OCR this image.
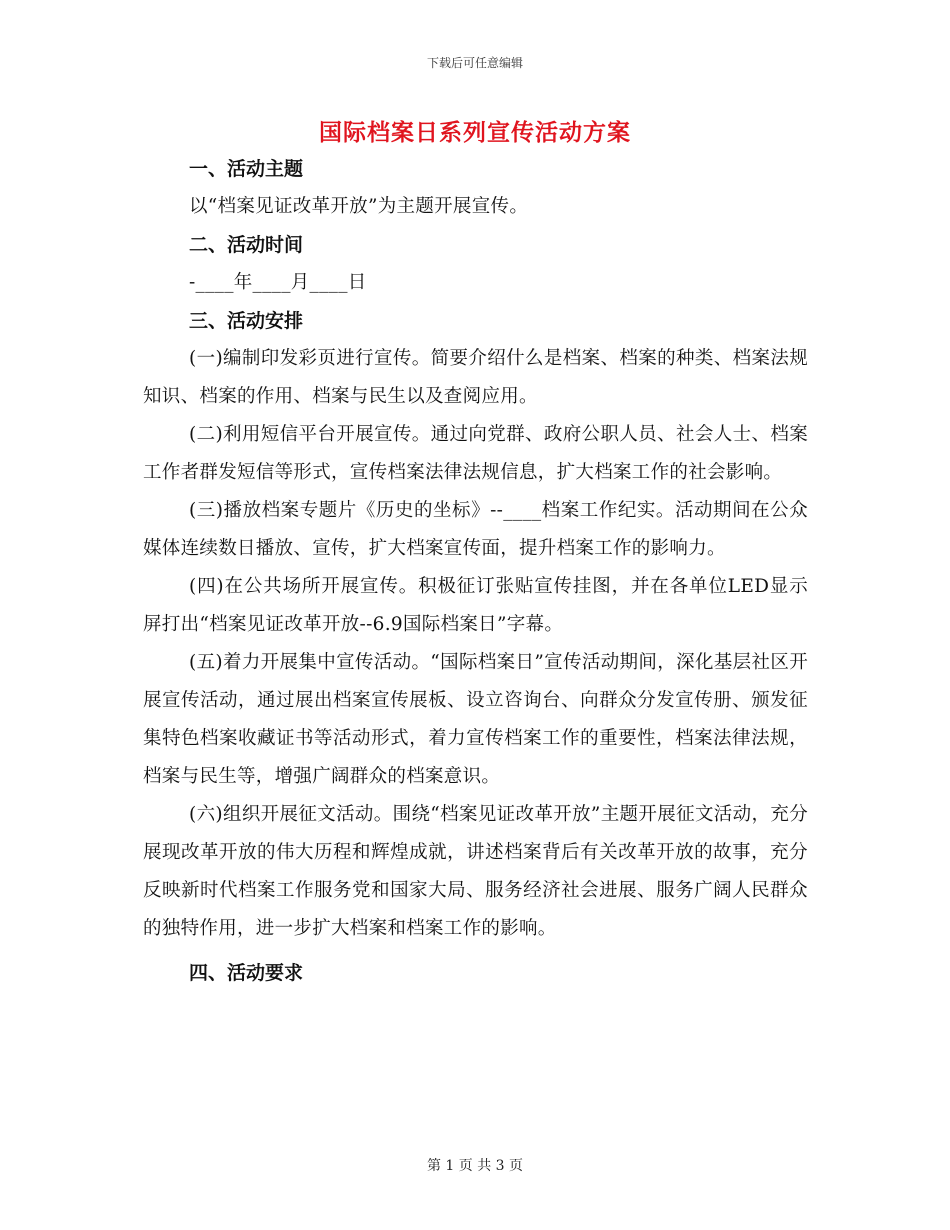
下载后可任意编辑
国际档案日系列宣传活动方案

一、活动主题

以“档案见证改革开放”为主题开展宣传。

二、活动时间

-____年____月____日

三、活动安排

(一)编制印发彩页进行宣传。简要介绍什么是档案、档案的种类、档案法规知识、档案的作用、档案与民生以及查阅应用。

(二)利用短信平台开展宣传。通过向党群、政府公职人员、社会人士、档案工作者群发短信等形式，宣传档案法律法规信息，扩大档案工作的社会影响。

(三)播放档案专题片《历史的坐标》--____档案工作纪实。活动期间在公众媒体连续数日播放、宣传，扩大档案宣传面，提升档案工作的影响力。

(四)在公共场所开展宣传。积极征订张贴宣传挂图，并在各单位LED显示屏打出“档案见证改革开放--6.9国际档案日”字幕。

(五)着力开展集中宣传活动。“国际档案日”宣传活动期间，深化基层社区开展宣传活动，通过展出档案宣传展板、设立咨询台、向群众分发宣传册、颁发征集特色档案收藏证书等活动形式，着力宣传档案工作的重要性，档案法律法规，档案与民生等，增强广阔群众的档案意识。

(六)组织开展征文活动。围绕“档案见证改革开放”主题开展征文活动，充分展现改革开放的伟大历程和辉煌成就，讲述档案背后有关改革开放的故事，充分反映新时代档案工作服务党和国家大局、服务经济社会进展、服务广阔人民群众的独特作用，进一步扩大档案和档案工作的影响。

四、活动要求

第 1 页 共 3 页
